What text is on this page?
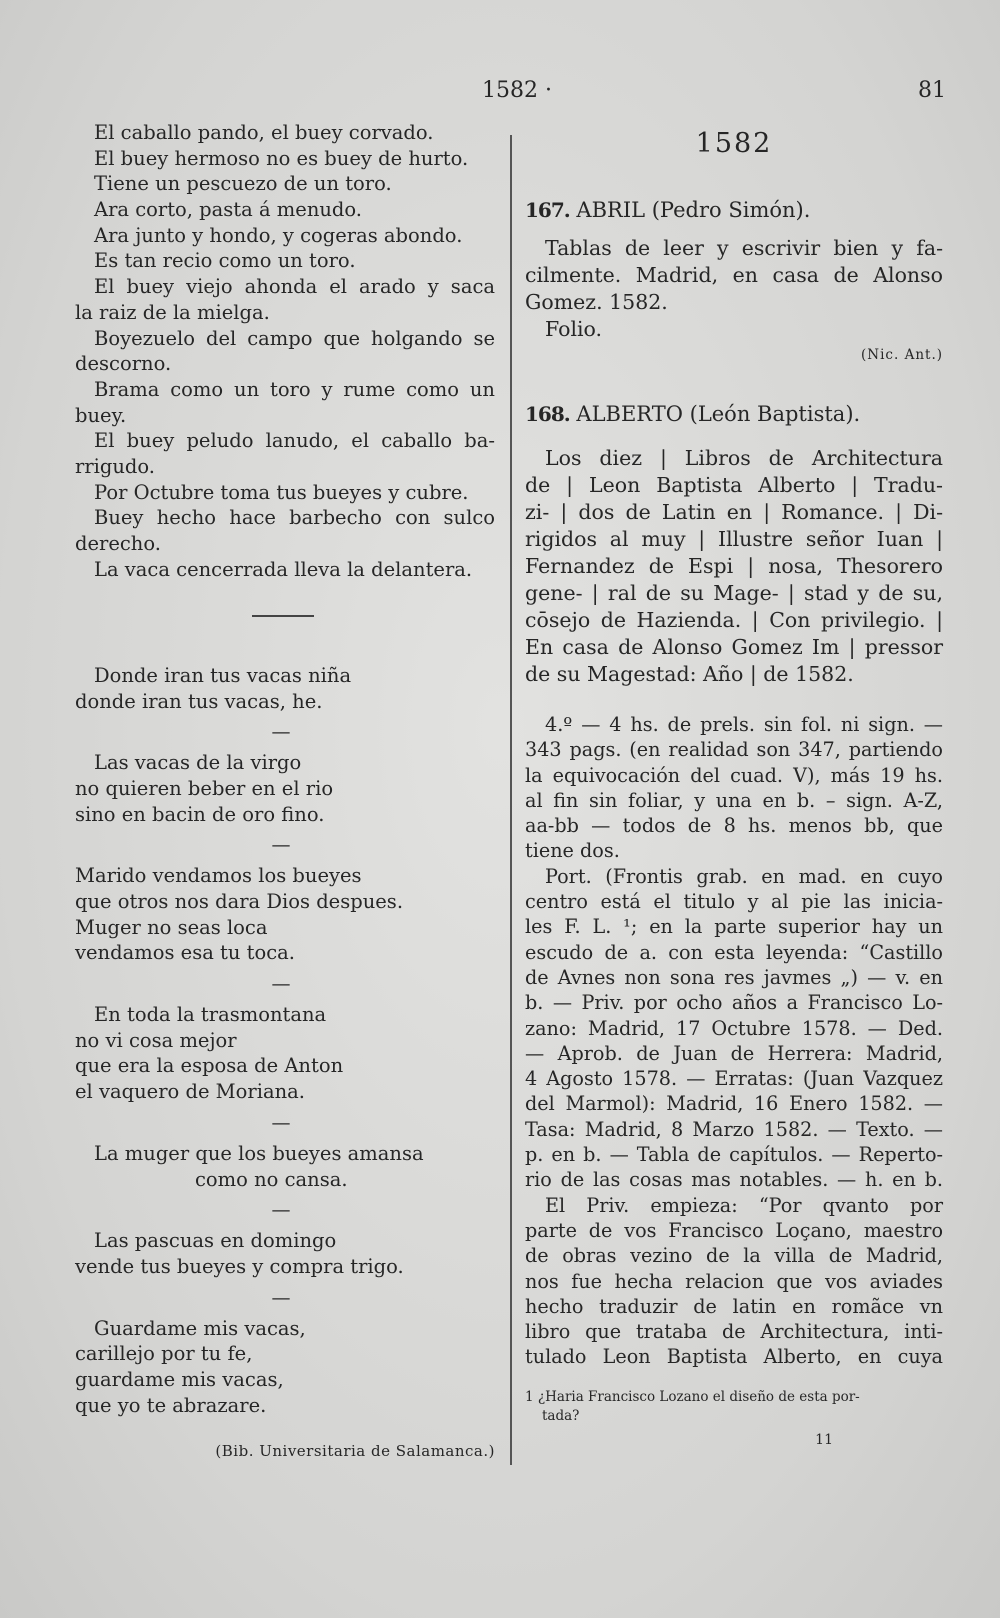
1582 ·	81
El caballo pando, el buey corvado.
El buey hermoso no es buey de hurto.
Tiene un pescuezo de un toro.
Ara corto, pasta á menudo.
Ara junto y hondo, y cogeras abondo.
Es tan recio como un toro.
El buey viejo ahonda el arado y saca
la raiz de la mielga.
Boyezuelo del campo que holgando se
descorno.
Brama como un toro y rume como un
buey.
El buey peludo lanudo, el caballo ba-
rrigudo.
Por Octubre toma tus bueyes y cubre.
Buey hecho hace barbecho con sulco
derecho.
La vaca cencerrada lleva la delantera.
Donde iran tus vacas niña
donde iran tus vacas, he.
—
Las vacas de la virgo
no quieren beber en el rio
sino en bacin de oro fino.
—
Marido vendamos los bueyes
que otros nos dara Dios despues.
Muger no seas loca
vendamos esa tu toca.
—
En toda la trasmontana
no vi cosa mejor
que era la esposa de Anton
el vaquero de Moriana.
—
La muger que los bueyes amansa
como no cansa.
—
Las pascuas en domingo
vende tus bueyes y compra trigo.
—
Guardame mis vacas,
carillejo por tu fe,
guardame mis vacas,
que yo te abrazare.
(Bib. Universitaria de Salamanca.)
1582
167. ABRIL (Pedro Simón).
Tablas de leer y escrivir bien y fa-
cilmente. Madrid, en casa de Alonso
Gomez. 1582.
Folio.
(Nic. Ant.)
168. ALBERTO (León Baptista).
Los diez | Libros de Architectura
de | Leon Baptista Alberto | Tradu-
zi- | dos de Latin en | Romance. | Di-
rigidos al muy | Illustre señor Iuan |
Fernandez de Espi | nosa, Thesorero
gene- | ral de su Mage- | stad y de su,
cōsejo de Hazienda. | Con privilegio. |
En casa de Alonso Gomez Im | pressor
de su Magestad: Año | de 1582.
4.º — 4 hs. de prels. sin fol. ni sign. —
343 pags. (en realidad son 347, partiendo
la equivocación del cuad. V), más 19 hs.
al fin sin foliar, y una en b. – sign. A-Z,
aa-bb — todos de 8 hs. menos bb, que
tiene dos.
Port. (Frontis grab. en mad. en cuyo
centro está el titulo y al pie las inicia-
les F. L. ¹; en la parte superior hay un
escudo de a. con esta leyenda: “Castillo
de Avnes non sona res javmes „) — v. en
b. — Priv. por ocho años a Francisco Lo-
zano: Madrid, 17 Octubre 1578. — Ded.
— Aprob. de Juan de Herrera: Madrid,
4 Agosto 1578. — Erratas: (Juan Vazquez
del Marmol): Madrid, 16 Enero 1582. —
Tasa: Madrid, 8 Marzo 1582. — Texto. —
p. en b. — Tabla de capítulos. — Reperto-
rio de las cosas mas notables. — h. en b.
El Priv. empieza: “Por qvanto por
parte de vos Francisco Loçano, maestro
de obras vezino de la villa de Madrid,
nos fue hecha relacion que vos aviades
hecho traduzir de latin en romãce vn
libro que trataba de Architectura, inti-
tulado Leon Baptista Alberto, en cuya
1 ¿Haria Francisco Lozano el diseño de esta por-
tada?
11
